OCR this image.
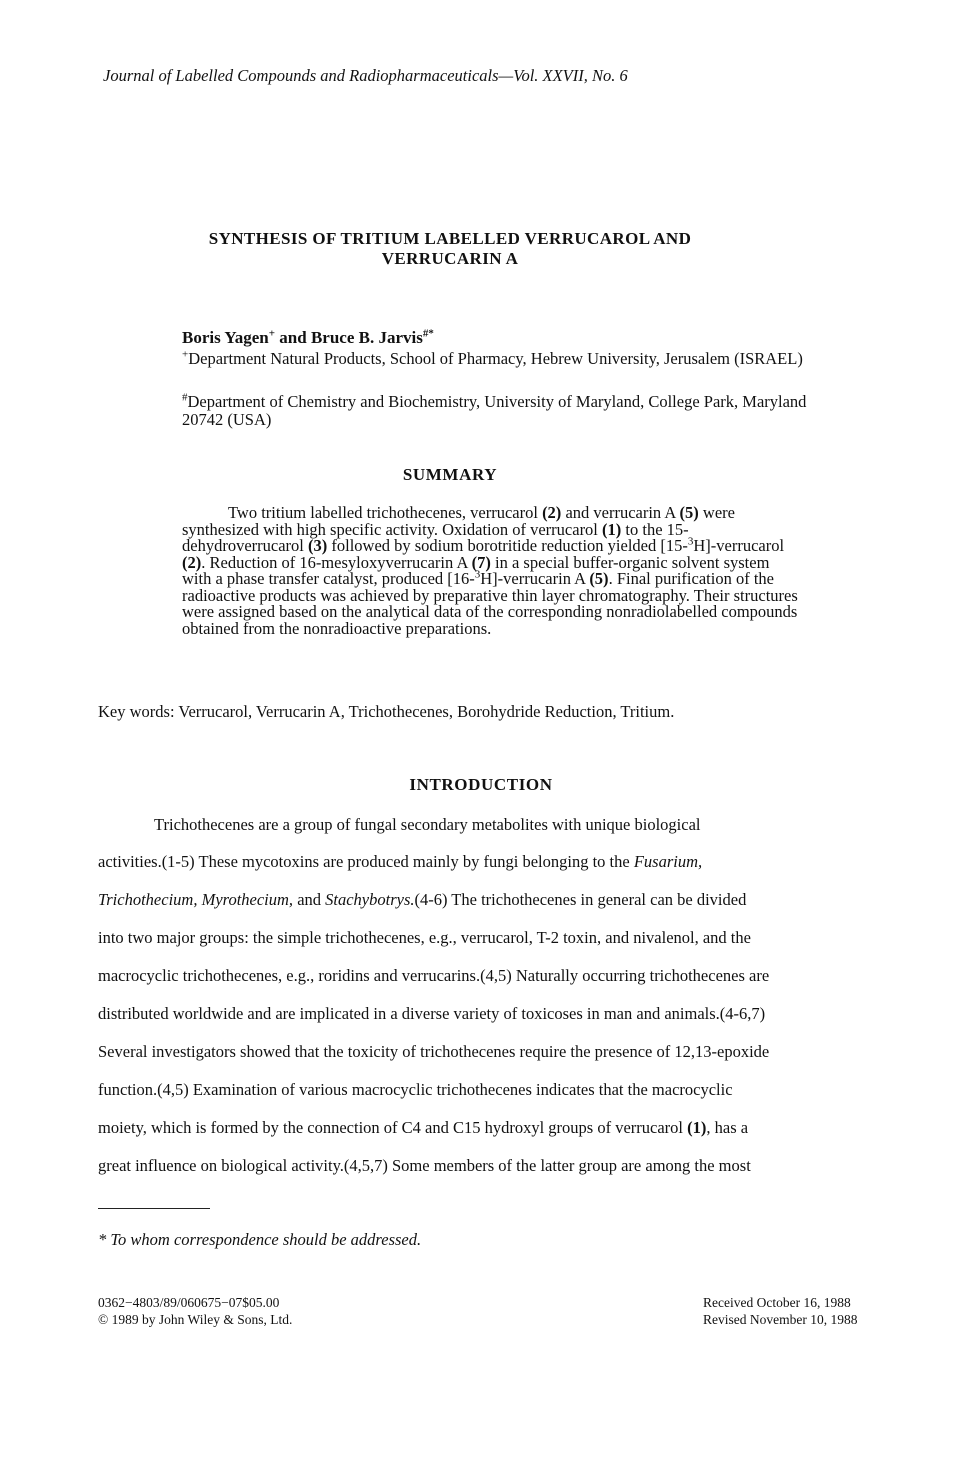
Journal of Labelled Compounds and Radiopharmaceuticals—Vol. XXVII, No. 6
SYNTHESIS OF TRITIUM LABELLED VERRUCAROL AND
VERRUCARIN A
Boris Yagen+ and Bruce B. Jarvis#*
+Department Natural Products, School of Pharmacy, Hebrew University, Jerusalem (ISRAEL)
#Department of Chemistry and Biochemistry, University of Maryland, College Park, Maryland 20742 (USA)
SUMMARY
Two tritium labelled trichothecenes, verrucarol (2) and verrucarin A (5) were synthesized with high specific activity. Oxidation of verrucarol (1) to the 15-dehydroverrucarol (3) followed by sodium borotritide reduction yielded [15-$^3$H]-verrucarol (2). Reduction of 16-mesyloxyverrucarin A (7) in a special buffer-organic solvent system with a phase transfer catalyst, produced [16-$^3$H]-verrucarin A (5). Final purification of the radioactive products was achieved by preparative thin layer chromatography. Their structures were assigned based on the analytical data of the corresponding nonradiolabelled compounds obtained from the nonradioactive preparations.
Key words: Verrucarol, Verrucarin A, Trichothecenes, Borohydride Reduction, Tritium.
INTRODUCTION
Trichothecenes are a group of fungal secondary metabolites with unique biological
activities.(1-5) These mycotoxins are produced mainly by fungi belonging to the Fusarium,
Trichothecium, Myrothecium, and Stachybotrys.(4-6) The trichothecenes in general can be divided
into two major groups: the simple trichothecenes, e.g., verrucarol, T-2 toxin, and nivalenol, and the
macrocyclic trichothecenes, e.g., roridins and verrucarins.(4,5) Naturally occurring trichothecenes are
distributed worldwide and are implicated in a diverse variety of toxicoses in man and animals.(4-6,7)
Several investigators showed that the toxicity of trichothecenes require the presence of 12,13-epoxide
function.(4,5) Examination of various macrocyclic trichothecenes indicates that the macrocyclic
moiety, which is formed by the connection of C4 and C15 hydroxyl groups of verrucarol (1), has a
great influence on biological activity.(4,5,7) Some members of the latter group are among the most
* To whom correspondence should be addressed.
0362−4803/89/060675−07$05.00
© 1989 by John Wiley & Sons, Ltd.
Received October 16, 1988
Revised November 10, 1988
